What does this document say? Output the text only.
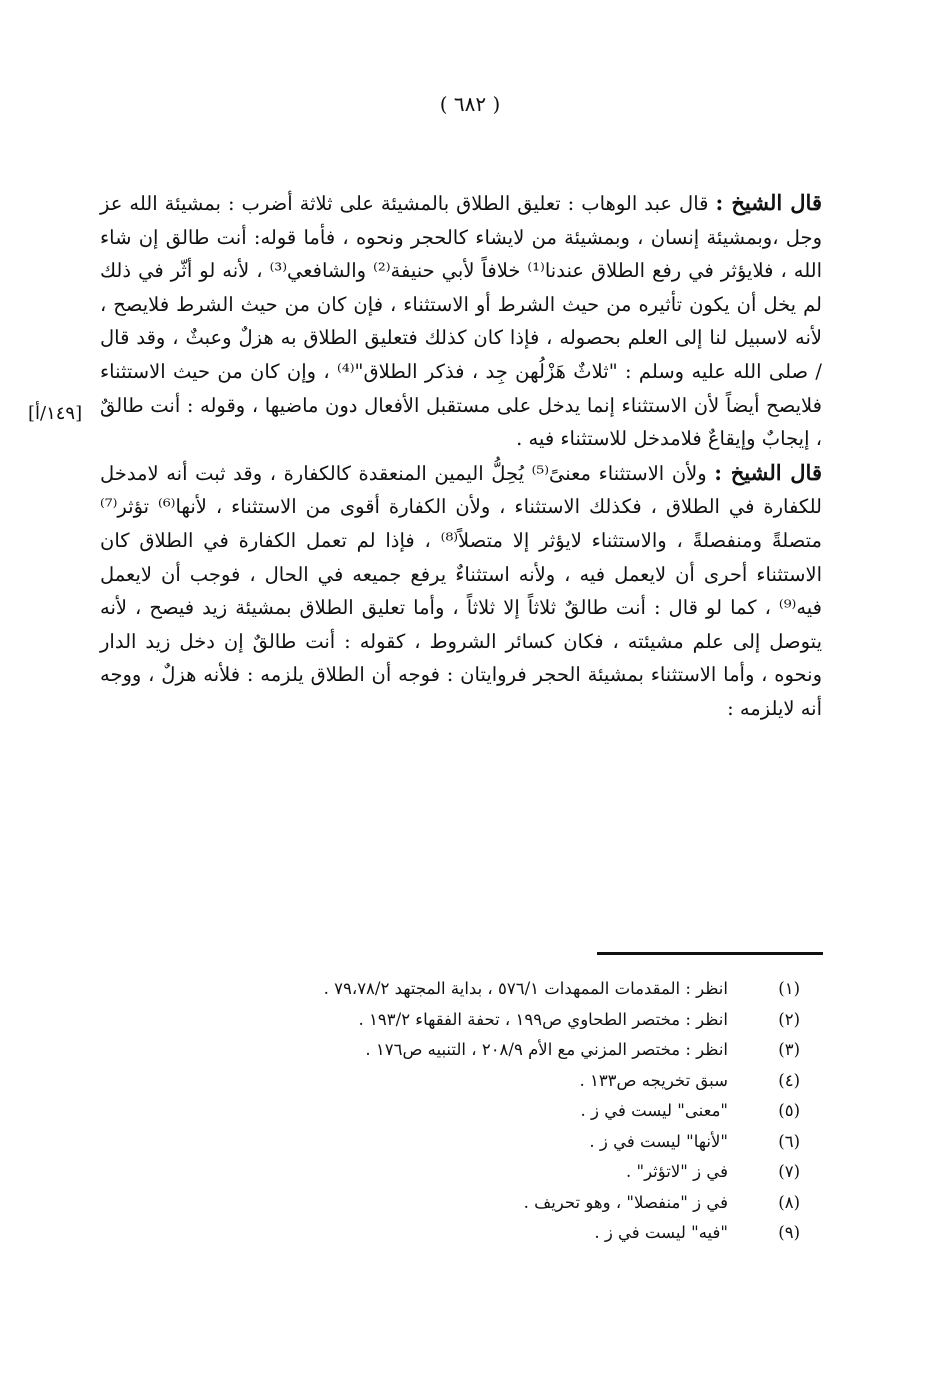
( ٦٨٢ )

قال الشيخ : قال عبد الوهاب : تعليق الطلاق بالمشيئة على ثلاثة أضرب : بمشيئة الله عز وجل ،وبمشيئة إنسان ، وبمشيئة من لايشاء كالحجر ونحوه ، فأما قوله: أنت طالق إن شاء الله ، فلايؤثر في رفع الطلاق عندنا⁽¹⁾ خلافاً لأبي حنيفة⁽²⁾ والشافعي⁽³⁾ ، لأنه لو أثّر في ذلك لم يخل أن يكون تأثيره من حيث الشرط أو الاستثناء ، فإن كان من حيث الشرط فلايصح ، لأنه لاسبيل لنا إلى العلم بحصوله ، فإذا كان كذلك فتعليق الطلاق به هزلٌ وعبثٌ ، وقد قال / صلى الله عليه وسلم : "ثلاثٌ هَزْلُهن جِد ، فذكر الطلاق"⁽⁴⁾ ، وإن كان من حيث الاستثناء فلايصح أيضاً لأن الاستثناء إنما يدخل على مستقبل الأفعال دون ماضيها ، وقوله : أنت طالقٌ ، إيجابٌ وإيقاعٌ فلامدخل للاستثناء فيه .

قال الشيخ : ولأن الاستثناء معنىً⁽⁵⁾ يُحِلُّ اليمين المنعقدة كالكفارة ، وقد ثبت أنه لامدخل للكفارة في الطلاق ، فكذلك الاستثناء ، ولأن الكفارة أقوى من الاستثناء ، لأنها⁽⁶⁾ تؤثر⁽⁷⁾ متصلةً ومنفصلةً ، والاستثناء لايؤثر إلا متصلاً⁽⁸⁾ ، فإذا لم تعمل الكفارة في الطلاق كان الاستثناء أحرى أن لايعمل فيه ، ولأنه استثناءٌ يرفع جميعه في الحال ، فوجب أن لايعمل فيه⁽⁹⁾ ، كما لو قال : أنت طالقٌ ثلاثاً إلا ثلاثاً ، وأما تعليق الطلاق بمشيئة زيد فيصح ، لأنه يتوصل إلى علم مشيئته ، فكان كسائر الشروط ، كقوله : أنت طالقٌ إن دخل زيد الدار ونحوه ، وأما الاستثناء بمشيئة الحجر فروايتان : فوجه أن الطلاق يلزمه : فلأنه هزلٌ ، ووجه أنه لايلزمه :

[١٤٩/أ]
(١)انظر : المقدمات الممهدات ٥٧٦/١ ، بداية المجتهد ٧٩،٧٨/٢ .
(٢)انظر : مختصر الطحاوي ص١٩٩ ، تحفة الفقهاء ١٩٣/٢ .
(٣)انظر : مختصر المزني مع الأم ٢٠٨/٩ ، التنبيه ص١٧٦ .
(٤)سبق تخريجه ص١٣٣ .
(٥)"معنى" ليست في ز .
(٦)"لأنها" ليست في ز .
(٧)في ز "لاتؤثر" .
(٨)في ز "منفصلا" ، وهو تحريف .
(٩)"فيه" ليست في ز .
